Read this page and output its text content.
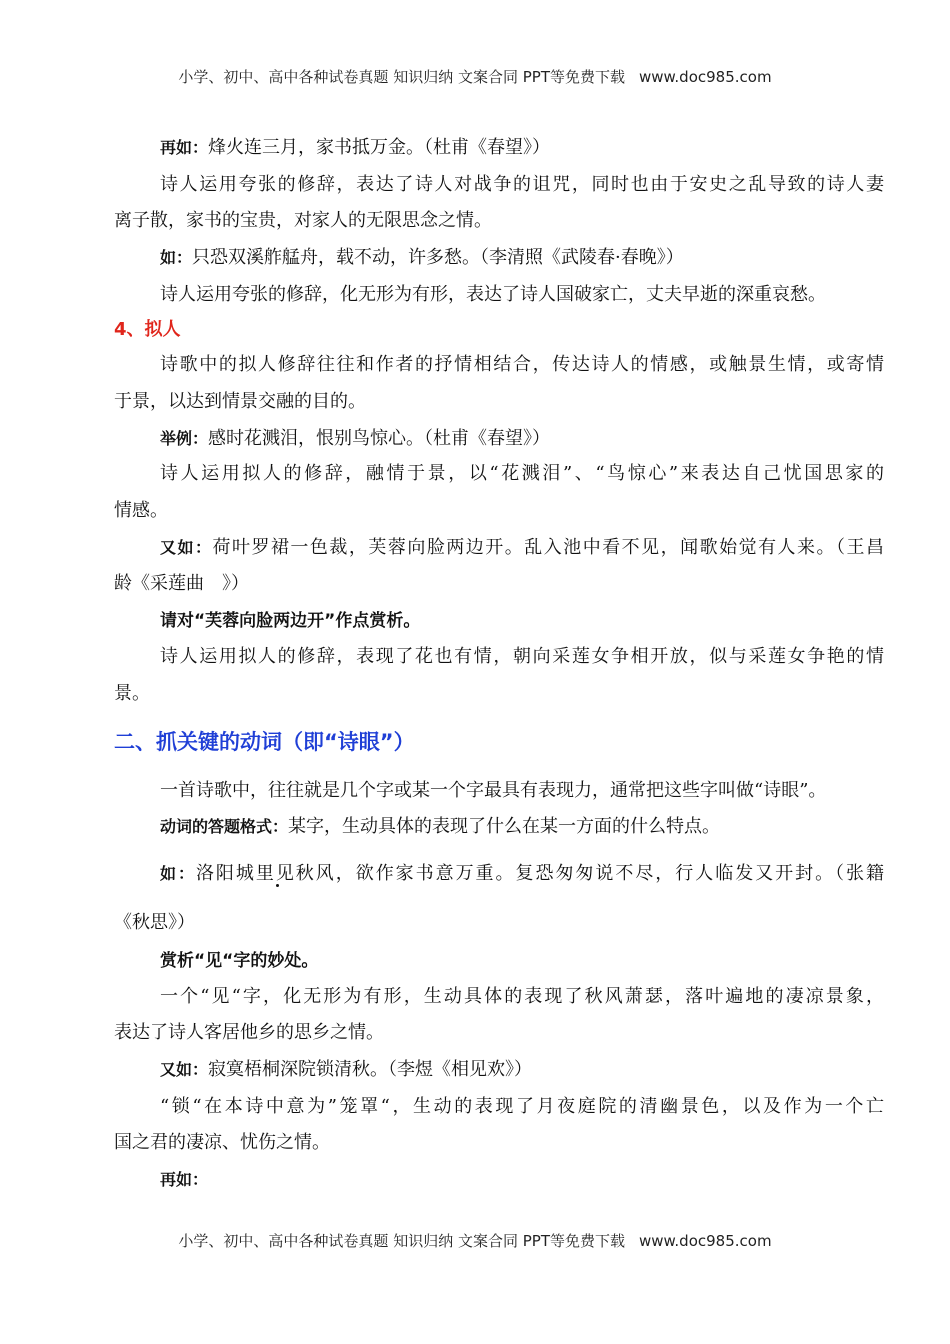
小学、初中、高中各种试卷真题 知识归纳 文案合同 PPT等免费下载 www.doc985.com
再如：烽火连三月，家书抵万金。（杜甫《春望》）
诗人运用夸张的修辞，表达了诗人对战争的诅咒，同时也由于安史之乱导致的诗人妻
离子散，家书的宝贵，对家人的无限思念之情。
如：只恐双溪舴艋舟，载不动，许多愁。（李清照《武陵春·春晚》）
诗人运用夸张的修辞，化无形为有形，表达了诗人国破家亡，丈夫早逝的深重哀愁。
4、拟人
诗歌中的拟人修辞往往和作者的抒情相结合，传达诗人的情感，或触景生情，或寄情
于景，以达到情景交融的目的。
举例：感时花溅泪，恨别鸟惊心。（杜甫《春望》）
诗人运用拟人的修辞，融情于景，以“花溅泪”、“鸟惊心”来表达自己忧国思家的
情感。
又如：荷叶罗裙一色裁，芙蓉向脸两边开。乱入池中看不见，闻歌始觉有人来。（王昌
龄《采莲曲　》）
请对“芙蓉向脸两边开”作点赏析。
诗人运用拟人的修辞，表现了花也有情，朝向采莲女争相开放，似与采莲女争艳的情
景。
二、抓关键的动词（即“诗眼”）
一首诗歌中，往往就是几个字或某一个字最具有表现力，通常把这些字叫做“诗眼”。
动词的答题格式：某字，生动具体的表现了什么在某一方面的什么特点。
如：洛阳城里见秋风，欲作家书意万重。复恐匆匆说不尽，行人临发又开封。（张籍
《秋思》）
赏析“见“字的妙处。
一个“见“字，化无形为有形，生动具体的表现了秋风萧瑟，落叶遍地的凄凉景象，
表达了诗人客居他乡的思乡之情。
又如：寂寞梧桐深院锁清秋。（李煜《相见欢》）
“锁“在本诗中意为”笼罩“，生动的表现了月夜庭院的清幽景色，以及作为一个亡
国之君的凄凉、忧伤之情。
再如：
小学、初中、高中各种试卷真题 知识归纳 文案合同 PPT等免费下载 www.doc985.com
